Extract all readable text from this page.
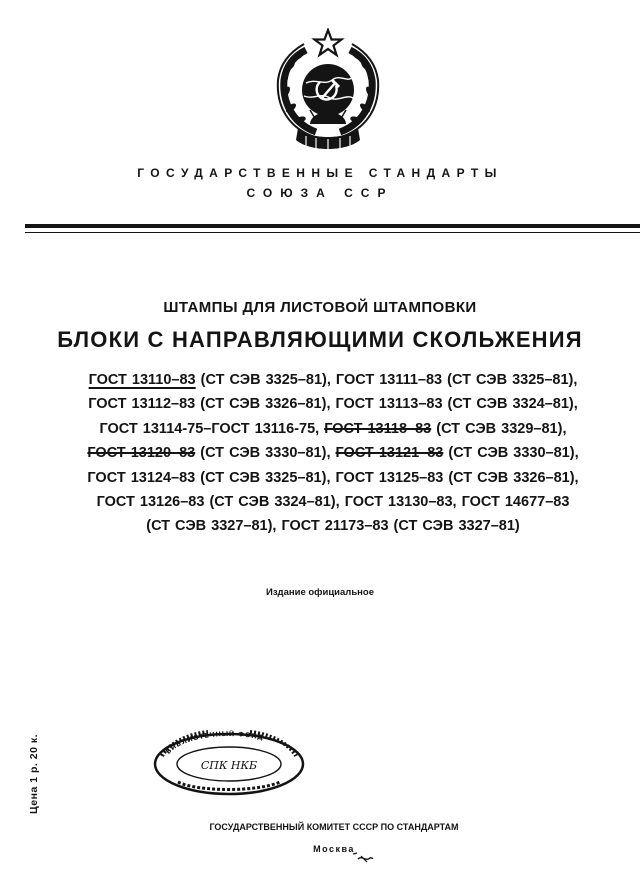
ГОСУДАРСТВЕННЫЕ СТАНДАРТЫ
СОЮЗА ССР
ШТАМПЫ ДЛЯ ЛИСТОВОЙ ШТАМПОВКИ
БЛОКИ С НАПРАВЛЯЮЩИМИ СКОЛЬЖЕНИЯ
ГОСТ 13110–83 (СТ СЭВ 3325–81), ГОСТ 13111–83 (СТ СЭВ 3325–81),
ГОСТ 13112–83 (СТ СЭВ 3326–81), ГОСТ 13113–83 (СТ СЭВ 3324–81),
ГОСТ 13114-75–ГОСТ 13116-75, ГОСТ 13118–83 (СТ СЭВ 3329–81),
ГОСТ 13120–83 (СТ СЭВ 3330–81), ГОСТ 13121–83 (СТ СЭВ 3330–81),
ГОСТ 13124–83 (СТ СЭВ 3325–81), ГОСТ 13125–83 (СТ СЭВ 3326–81),
ГОСТ 13126–83 (СТ СЭВ 3324–81), ГОСТ 13130–83, ГОСТ 14677–83
(СТ СЭВ 3327–81), ГОСТ 21173–83 (СТ СЭВ 3327–81)
Издание официальное
Цена 1 р. 20 к.	БИБЛИОТЕЧНЫЙ ФОНД
СПК НКБ
ГОСУДАРСТВЕННЫЙ КОМИТЕТ СССР ПО СТАНДАРТАМ
Москва
